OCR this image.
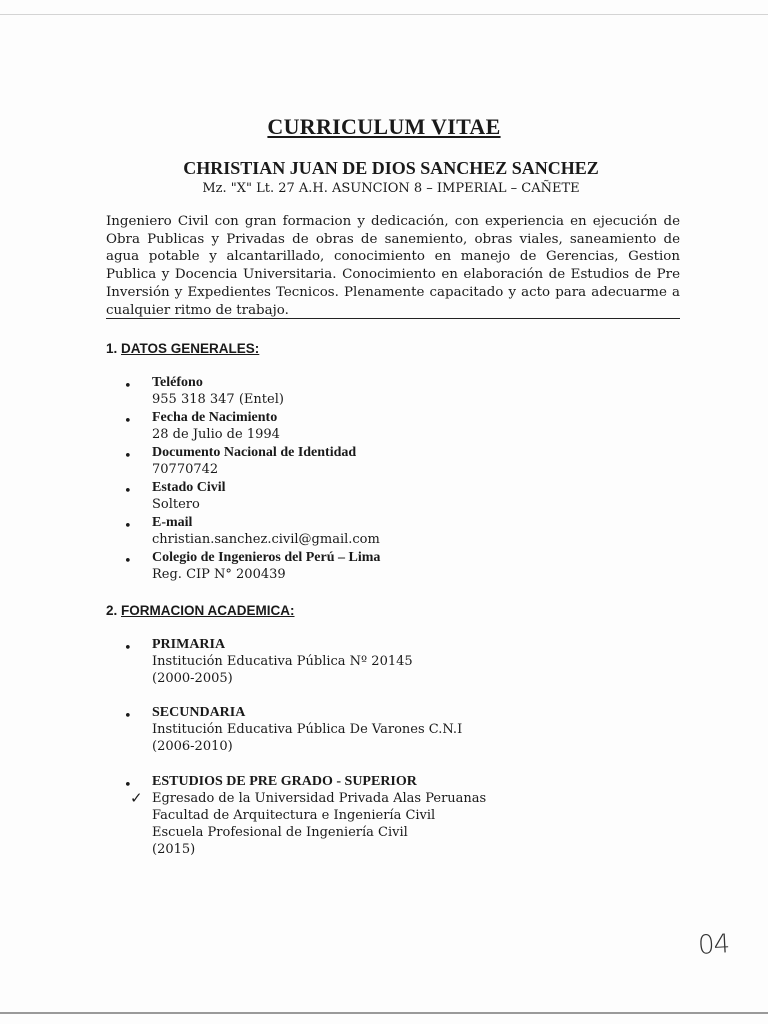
CURRICULUM VITAE
CHRISTIAN JUAN DE DIOS SANCHEZ SANCHEZ
Mz. "X" Lt. 27 A.H. ASUNCION 8 – IMPERIAL – CAÑETE
Ingeniero Civil con gran formacion y dedicación, con experiencia en ejecución de Obra Publicas y Privadas de obras de sanemiento, obras viales, saneamiento de agua potable y alcantarillado, conocimiento en manejo de Gerencias, Gestion Publica y Docencia Universitaria. Conocimiento en elaboración de Estudios de Pre Inversión y Expedientes Tecnicos. Plenamente capacitado y acto para adecuarme a cualquier ritmo de trabajo.
1. DATOS GENERALES:
• Teléfono
955 318 347 (Entel)
• Fecha de Nacimiento
28 de Julio de 1994
• Documento Nacional de Identidad
70770742
• Estado Civil
Soltero
• E-mail
christian.sanchez.civil@gmail.com
• Colegio de Ingenieros del Perú – Lima
Reg. CIP N° 200439
2. FORMACION ACADEMICA:
• PRIMARIA
Institución Educativa Pública Nº 20145
(2000-2005)
• SECUNDARIA
Institución Educativa Pública De Varones C.N.I
(2006-2010)
• ESTUDIOS DE PRE GRADO - SUPERIOR
✓ Egresado de la Universidad Privada Alas Peruanas
Facultad de Arquitectura e Ingeniería Civil
Escuela Profesional de Ingeniería Civil
(2015)
04
